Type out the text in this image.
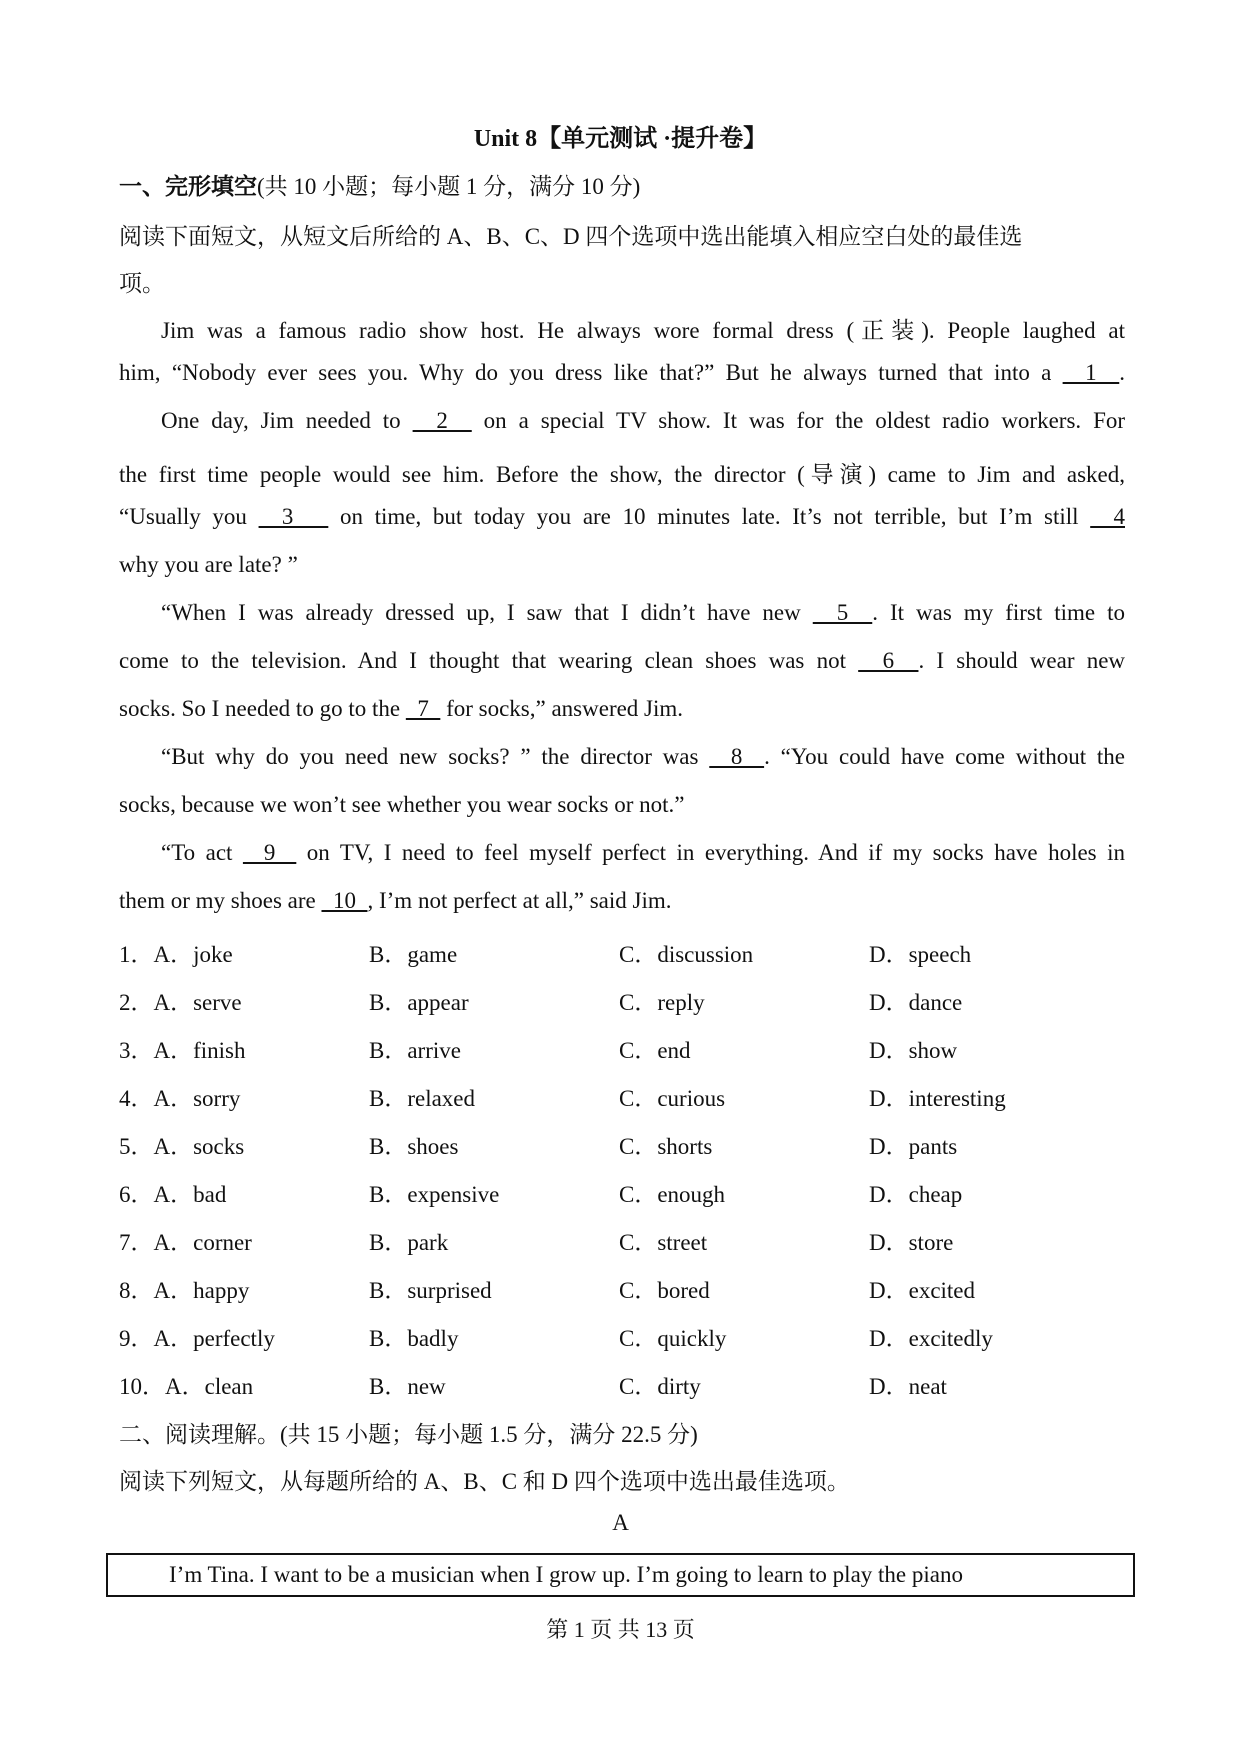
Unit 8【单元测试 ·提升卷】
一、完形填空(共 10 小题；每小题 1 分，满分 10 分)
阅读下面短文，从短文后所给的 A、B、C、D 四个选项中选出能填入相应空白处的最佳选
项。
Jim was a famous radio show host. He always wore formal dress (正装). People laughed at
him, “Nobody ever sees you. Why do you dress like that?” But he always turned that into a   1  .
One day, Jim needed to   2   on a special TV show. It was for the oldest radio workers. For
the first time people would see him. Before the show, the director (导演) came to Jim and asked,
“Usually you   3    on time, but today you are 10 minutes late. It’s not terrible, but I’m still   4
why you are late? ”
“When I was already dressed up, I saw that I didn’t have new   5  . It was my first time to
come to the television. And I thought that wearing clean shoes was not   6  . I should wear new
socks. So I needed to go to the   7   for socks,” answered Jim.
“But why do you need new socks? ” the director was   8  . “You could have come without the
socks, because we won’t see whether you wear socks or not.”
“To act   9   on TV, I need to feel myself perfect in everything. And if my socks have holes in
them or my shoes are   10  , I’m not perfect at all,” said Jim.
1．A．joke	B．game	C．discussion	D．speech
2．A．serve	B．appear	C．reply	D．dance
3．A．finish	B．arrive	C．end	D．show
4．A．sorry	B．relaxed	C．curious	D．interesting
5．A．socks	B．shoes	C．shorts	D．pants
6．A．bad	B．expensive	C．enough	D．cheap
7．A．corner	B．park	C．street	D．store
8．A．happy	B．surprised	C．bored	D．excited
9．A．perfectly	B．badly	C．quickly	D．excitedly
10．A．clean	B．new	C．dirty	D．neat
二、阅读理解。(共 15 小题；每小题 1.5 分，满分 22.5 分)
阅读下列短文，从每题所给的 A、B、C 和 D 四个选项中选出最佳选项。
A
I’m Tina. I want to be a musician when I grow up. I’m going to learn to play the piano
第 1 页 共 13 页
